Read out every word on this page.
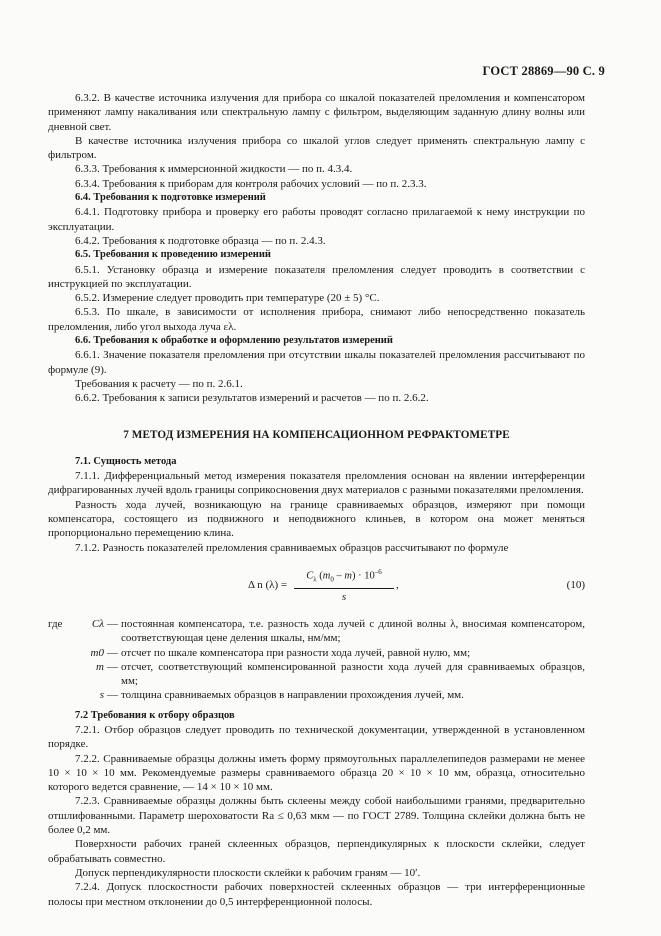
ГОСТ 28869—90 С. 9

6.3.2. В качестве источника излучения для прибора со шкалой показателей преломления и компенсатором применяют лампу накаливания или спектральную лампу с фильтром, выделяющим заданную длину волны или дневной свет.

В качестве источника излучения прибора со шкалой углов следует применять спектральную лампу с фильтром.

6.3.3. Требования к иммерсионной жидкости — по п. 4.3.4.

6.3.4. Требования к приборам для контроля рабочих условий — по п. 2.3.3.

6.4. Требования к подготовке измерений

6.4.1. Подготовку прибора и проверку его работы проводят согласно прилагаемой к нему инструкции по эксплуатации.

6.4.2. Требования к подготовке образца — по п. 2.4.3.

6.5. Требования к проведению измерений

6.5.1. Установку образца и измерение показателя преломления следует проводить в соответствии с инструкцией по эксплуатации.

6.5.2. Измерение следует проводить при температуре (20 ± 5) °С.

6.5.3. По шкале, в зависимости от исполнения прибора, снимают либо непосредственно показатель преломления, либо угол выхода луча ελ.

6.6. Требования к обработке и оформлению результатов измерений

6.6.1. Значение показателя преломления при отсутствии шкалы показателей преломления рассчитывают по формуле (9).

Требования к расчету — по п. 2.6.1.

6.6.2. Требования к записи результатов измерений и расчетов — по п. 2.6.2.

7 МЕТОД ИЗМЕРЕНИЯ НА КОМПЕНСАЦИОННОМ РЕФРАКТОМЕТРЕ

7.1. Сущность метода

7.1.1. Дифференциальный метод измерения показателя преломления основан на явлении интерференции дифрагированных лучей вдоль границы соприкосновения двух материалов с разными показателями преломления.

Разность хода лучей, возникающую на границе сравниваемых образцов, измеряют при помощи компенсатора, состоящего из подвижного и неподвижного клиньев, в котором она может меняться пропорционально перемещению клина.

7.1.2. Разность показателей преломления сравниваемых образцов рассчитывают по формуле

Δ n $(\lambda) = \frac{C_\lambda (m_0 - m) \cdot 10^{-6}}{s}$ ,	(10)
где	Cλ — постоянная компенсатора, т.е. разность хода лучей с длиной волны λ, вносимая компенсатором, соответствующая цене деления шкалы, нм/мм;
m0 — отсчет по шкале компенсатора при разности хода лучей, равной нулю, мм;
m — отсчет, соответствующий компенсированной разности хода лучей для сравниваемых образцов, мм;
s — толщина сравниваемых образцов в направлении прохождения лучей, мм.

7.2 Требования к отбору образцов

7.2.1. Отбор образцов следует проводить по технической документации, утвержденной в установленном порядке.

7.2.2. Сравниваемые образцы должны иметь форму прямоугольных параллелепипедов размерами не менее 10 × 10 × 10 мм. Рекомендуемые размеры сравниваемого образца 20 × 10 × 10 мм, образца, относительно которого ведется сравнение, — 14 × 10 × 10 мм.

7.2.3. Сравниваемые образцы должны быть склеены между собой наибольшими гранями, предварительно отшлифованными. Параметр шероховатости Ra ≤ 0,63 мкм — по ГОСТ 2789. Толщина склейки должна быть не более 0,2 мм.

Поверхности рабочих граней склеенных образцов, перпендикулярных к плоскости склейки, следует обрабатывать совместно.

Допуск перпендикулярности плоскости склейки к рабочим граням — 10′.

7.2.4. Допуск плоскостности рабочих поверхностей склеенных образцов — три интерференционные полосы при местном отклонении до 0,5 интерференционной полосы.
